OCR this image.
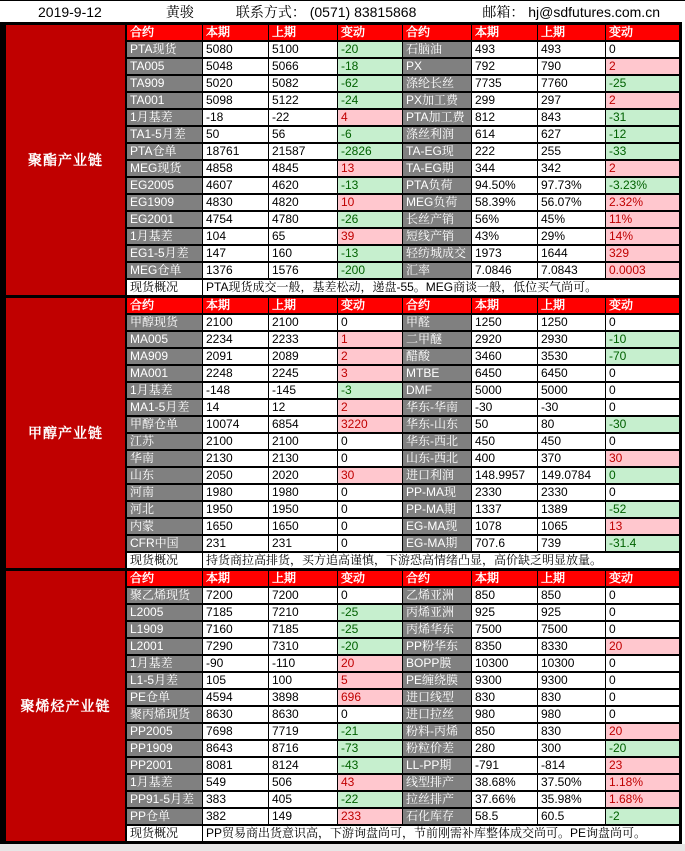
2019-9-12	黄骏	联系方式： (0571) 83815868	邮箱： hj@sdfutures.com.cn
聚酯产业链
合约	本期	上期	变动	合约	本期	上期	变动
PTA现货	5080	5100	-20	石脑油	493	493	0
TA005	5048	5066	-18	PX	792	790	2
TA909	5020	5082	-62	涤纶长丝	7735	7760	-25
TA001	5098	5122	-24	PX加工费	299	297	2
1月基差	-18	-22	4	PTA加工费 812	843	-31
TA1-5月差	50	56	-6	涤丝利润	614	627	-12
PTA仓单	18761	21587	-2826	TA-EG现	222	255	-33
MEG现货	4858	4845	13	TA-EG期	344	342	2
EG2005	4607	4620	-13	PTA负荷	94.50%	97.73%	-3.23%
EG1909	4830	4820	10	MEG负荷	58.39%	56.07%	2.32%
EG2001	4754	4780	-26	长丝产销	56%	45%	11%
1月基差	104	65	39	短线产销	43%	29%	14%
EG1-5月差	147	160	-13	轻纺城成交 1973	1644	329
MEG仓单	1376	1576	-200	汇率	7.0846	7.0843	0.0003
现货概况	PTA现货成交一般，基差松动，递盘-55。MEG商谈一般，低位买气尚可。
甲醇产业链
合约	本期	上期	变动	合约	本期	上期	变动
甲醇现货	2100	2100	0	甲醛	1250	1250	0
MA005	2234	2233	1	二甲醚	2920	2930	-10
MA909	2091	2089	2	醋酸	3460	3530	-70
MA001	2248	2245	3	MTBE	6450	6450	0
1月基差	-148	-145	-3	DMF	5000	5000	0
MA1-5月差	14	12	2	华东-华南	-30	-30	0
甲醇仓单	10074	6854	3220	华东-山东	50	80	-30
江苏	2100	2100	0	华东-西北	450	450	0
华南	2130	2130	0	山东-西北	400	370	30
山东	2050	2020	30	进口利润	148.9957	149.0784	0
河南	1980	1980	0	PP-MA现	2330	2330	0
河北	1950	1950	0	PP-MA期	1337	1389	-52
内蒙	1650	1650	0	EG-MA现	1078	1065	13
CFR中国	231	231	0	EG-MA期	707.6	739	-31.4
现货概况	持货商拉高排货，买方追高谨慎，下游恐高情绪凸显，高价缺乏明显放量。
聚烯烃产业链
合约	本期	上期	变动	合约	本期	上期	变动
聚乙烯现货	7200	7200	0	乙烯亚洲	850	850	0
L2005	7185	7210	-25	丙烯亚洲	925	925	0
L1909	7160	7185	-25	丙烯华东	7500	7500	0
L2001	7290	7310	-20	PP粉华东	8350	8330	20
1月基差	-90	-110	20	BOPP膜	10300	10300	0
L1-5月差	105	100	5	PE缠绕膜	9300	9300	0
PE仓单	4594	3898	696	进口线型	830	830	0
聚丙烯现货	8630	8630	0	进口拉丝	980	980	0
PP2005	7698	7719	-21	粉料-丙烯	850	830	20
PP1909	8643	8716	-73	粉粒价差	280	300	-20
PP2001	8081	8124	-43	LL-PP期	-791	-814	23
1月基差	549	506	43	线型排产	38.68%	37.50%	1.18%
PP91-5月差 383	405	-22	拉丝排产	37.66%	35.98%	1.68%
PP仓单	382	149	233	石化库存	58.5	60.5	-2
现货概况	PP贸易商出货意识高，下游询盘尚可，节前刚需补库整体成交尚可。PE询盘尚可。
